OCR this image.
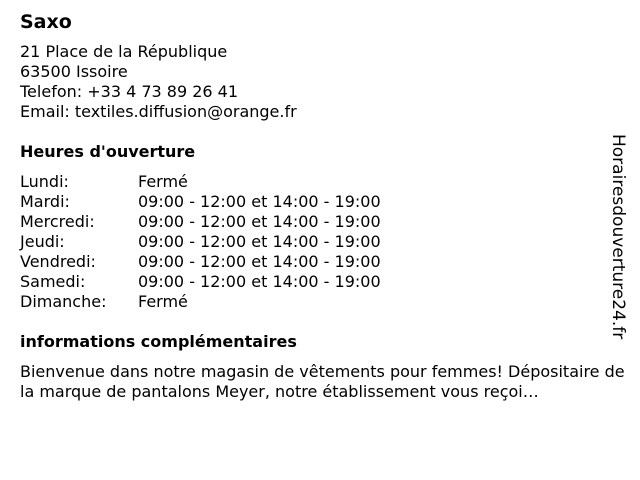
Saxo
21 Place de la République
63500 Issoire
Telefon: +33 4 73 89 26 41
Email: textiles.diffusion@orange.fr
Heures d'ouverture
Lundi:	Fermé
Mardi:	09:00 - 12:00 et 14:00 - 19:00
Mercredi:	09:00 - 12:00 et 14:00 - 19:00
Jeudi:	09:00 - 12:00 et 14:00 - 19:00
Vendredi:	09:00 - 12:00 et 14:00 - 19:00
Samedi:	09:00 - 12:00 et 14:00 - 19:00
Dimanche:	Fermé
informations complémentaires
Bienvenue dans notre magasin de vêtements pour femmes! Dépositaire de la marque de pantalons Meyer, notre établissement vous reçoi…
Horairesdouverture24.fr
